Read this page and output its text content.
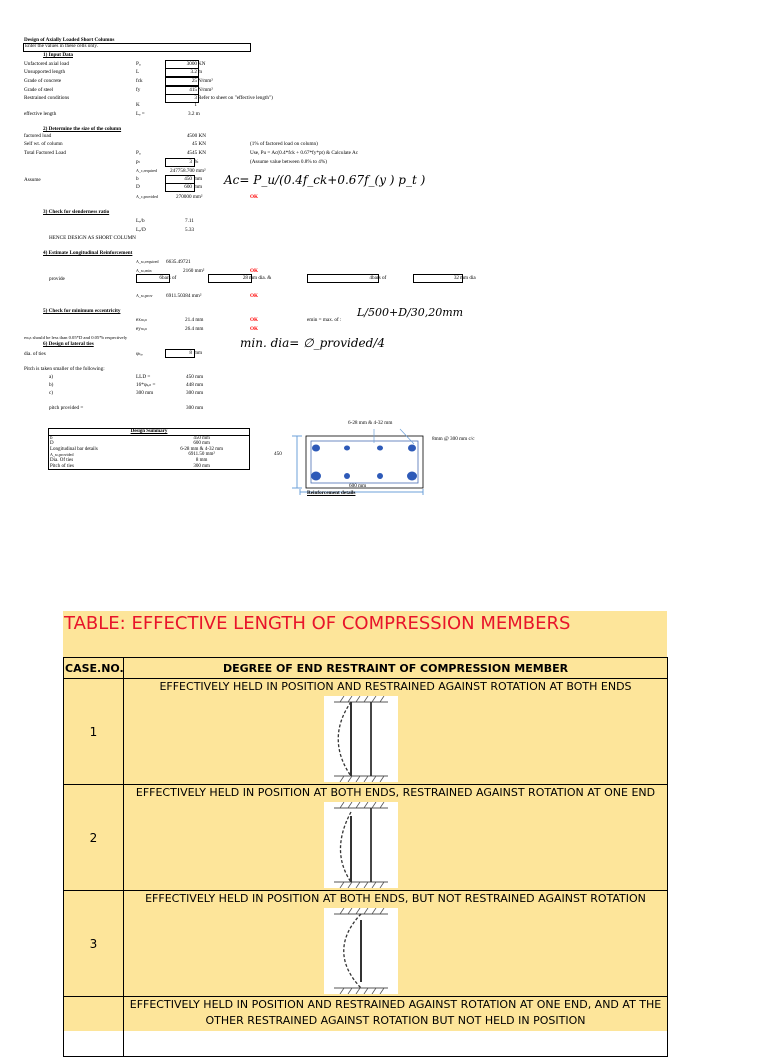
Design of Axially Loaded Short Columns
Enter the values in these cells only.
1) Input Data
Unfactored axial load	Pᵤ	3000 KN
Unsupported length	L	3.2 m
Grade of concrete	fck	25 N/mm²
Grade of steel	fy	415 N/mm²
Restrained conditions	3 Refer to sheet on "effective length")
K	1
effective length	Lₑ =	3.2 m
2) Determine the size of the column
factored load	4500 KN
Self wt. of column	45 KN	(1% of factored load on column)
Total Factored Load	Pᵤ	4545 KN	Use, Pu = Ac(0.4*fck + 0.67*fy*pt) & Calculate Ac
pₜ	3 %	(Assume value between 0.8% to 4%)
A_c,required	247758.700 mm²
Assume	b	450 mm
D	600 mm
A_c,provided	270000 mm²	OK
Ac= P_u/(0.4f_ck+0.67f_(y ) p_t )
3) Check for slenderness ratio
Lₑ/b	7.11
Lₑ/D	5.33
HENCE DESIGN AS SHORT COLUMN
4) Estimate Longitudinal Reinforcement
A_sc,required 6635.49721
A_sc,min	2160 mm²	OK
provide	6 bars of	28 mm dia. &	4 bars of	32 mm dia
A_sc,prov	6911.50384 mm²	OK
5) Check for minimum eccentricity
exₘᵢₙ	21.4 mm	OK	emin = max. of :
L/500+D/30,20mm
eyₘᵢₙ	26.4 mm	OK
eₘᵢₙ should be less than 0.05*D and 0.05*b respectively
6) Design of lateral ties
dia. of ties	φₜᵢₑ	8 mm
min. dia= ∅_provided/4
Pitch is taken smaller of the following:
a)	LLD =	450 mm
b)	16*φₗₒₙ =	448 mm
c)	300 mm	300 mm
pitch provided =	300 mm
Design Summary	
b	450 mm
D	600 mm
Longitudinal bar details	6-28 mm & 4-32 mm
A_sc,provided	6911.50 mm²
Dia. Of ties	8 mm
Pitch of ties	300 mm
6-28 mm & 4-32 mm
8mm @ 300 mm c/c
450
600 mm
Reinforcement details
TABLE: EFFECTIVE LENGTH OF COMPRESSION MEMBERS
CASE.NO.	DEGREE OF END RESTRAINT OF COMPRESSION MEMBER
1	EFFECTIVELY HELD IN POSITION AND RESTRAINED AGAINST ROTATION AT BOTH ENDS

2	EFFECTIVELY HELD IN POSITION AT BOTH ENDS, RESTRAINED AGAINST ROTATION AT ONE END

3	EFFECTIVELY HELD IN POSITION AT BOTH ENDS, BUT NOT RESTRAINED AGAINST ROTATION

	EFFECTIVELY HELD IN POSITION AND RESTRAINED AGAINST ROTATION AT ONE END, AND AT THE OTHER RESTRAINED AGAINST ROTATION BUT NOT HELD IN POSITION
